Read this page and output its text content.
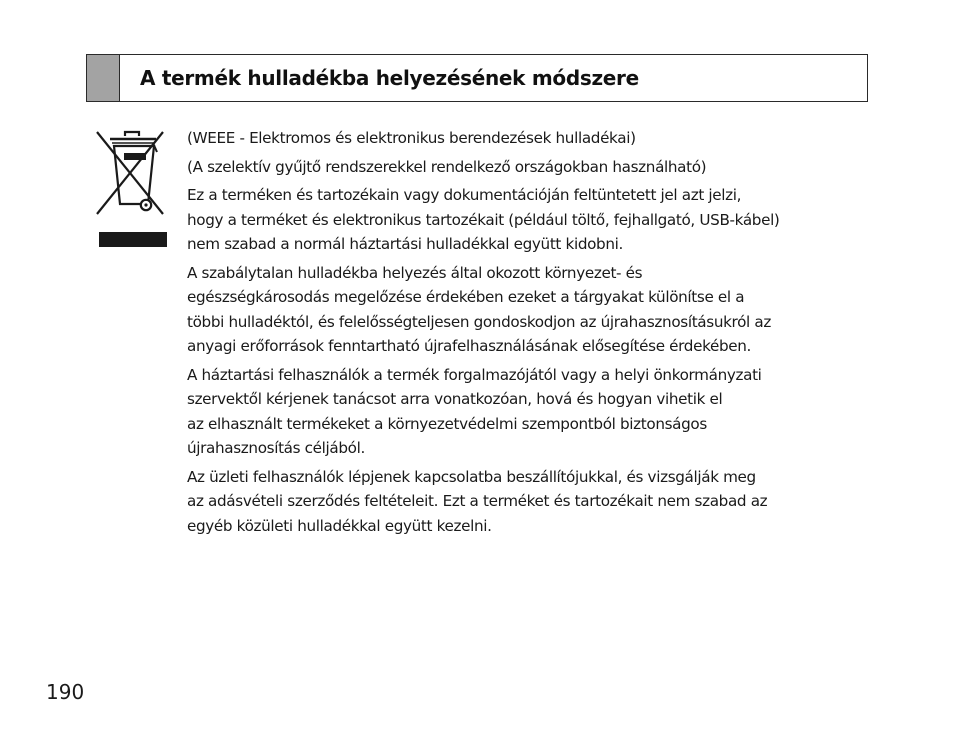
A termék hulladékba helyezésének módszere

(WEEE - Elektromos és elektronikus berendezések hulladékai)

(A szelektív gyűjtő rendszerekkel rendelkező országokban használható)

Ez a terméken és tartozékain vagy dokumentációján feltüntetett jel azt jelzi,
hogy a terméket és elektronikus tartozékait (például töltő, fejhallgató, USB-kábel)
nem szabad a normál háztartási hulladékkal együtt kidobni.

A szabálytalan hulladékba helyezés által okozott környezet- és
egészségkárosodás megelőzése érdekében ezeket a tárgyakat különítse el a
többi hulladéktól, és felelősségteljesen gondoskodjon az újrahasznosításukról az
anyagi erőforrások fenntartható újrafelhasználásának elősegítése érdekében.

A háztartási felhasználók a termék forgalmazójától vagy a helyi önkormányzati
szervektől kérjenek tanácsot arra vonatkozóan, hová és hogyan vihetik el
az elhasznált termékeket a környezetvédelmi szempontból biztonságos
újrahasznosítás céljából.

Az üzleti felhasználók lépjenek kapcsolatba beszállítójukkal, és vizsgálják meg
az adásvételi szerződés feltételeit. Ezt a terméket és tartozékait nem szabad az
egyéb közületi hulladékkal együtt kezelni.

190
